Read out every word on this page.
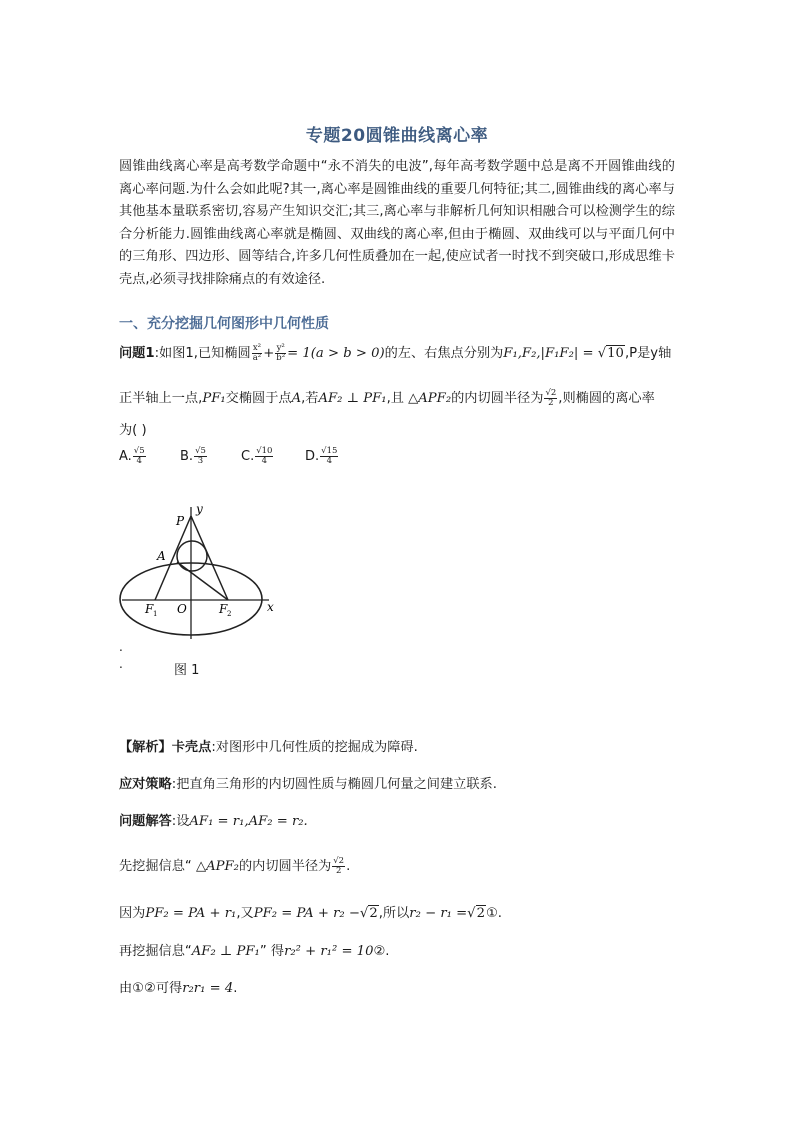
专题20圆锥曲线离心率
圆锥曲线离心率是高考数学命题中“永不消失的电波”,每年高考数学题中总是离不开圆锥曲线的离心率问题.为什么会如此呢?其一,离心率是圆锥曲线的重要几何特征;其二,圆锥曲线的离心率与其他基本量联系密切,容易产生知识交汇;其三,离心率与非解析几何知识相融合可以检测学生的综合分析能力.圆锥曲线离心率就是椭圆、双曲线的离心率,但由于椭圆、双曲线可以与平面几何中的三角形、四边形、圆等结合,许多几何性质叠加在一起,使应试者一时找不到突破口,形成思维卡壳点,必须寻找排除痛点的有效途径.
一、充分挖掘几何图形中几何性质
问题1:如图1,已知椭圆 $\frac{\text{x²}}{\text{a²}} + \frac{\text{y²}}{\text{b²}} = 1(a > b > 0)$的左、右焦点分别为F₁,F₂,|F₁F₂| = √10,P是y轴
正半轴上一点,PF₁交椭圆于点A,若AF₂ ⊥ PF₁,且 △APF₂的内切圆半径为 $\frac{√2}{2}$ ,则椭圆的离心率
为( )
A. $\frac{√5}{4}$	B. $\frac{√5}{3}$	C. $\frac{√10}{4} D$. $\frac{√15}{4}$
P
y
A
F 1 O	F 2	x
.
.	图 1
【解析】卡壳点:对图形中几何性质的挖掘成为障碍.
应对策略:把直角三角形的内切圆性质与椭圆几何量之间建立联系.
问题解答:设AF₁ = r₁,AF₂ = r₂.
先挖掘信息“ △APF₂的内切圆半径为 $\frac{√2}{2}$ .
因为PF₂ = PA + r₁,又PF₂ = PA + r₂ −√2,所以r₂ − r₁ =√2①.
再挖掘信息“AF₂ ⊥ PF₁” 得r₂² + r₁² = 10②.
由①②可得r₂r₁ = 4.
